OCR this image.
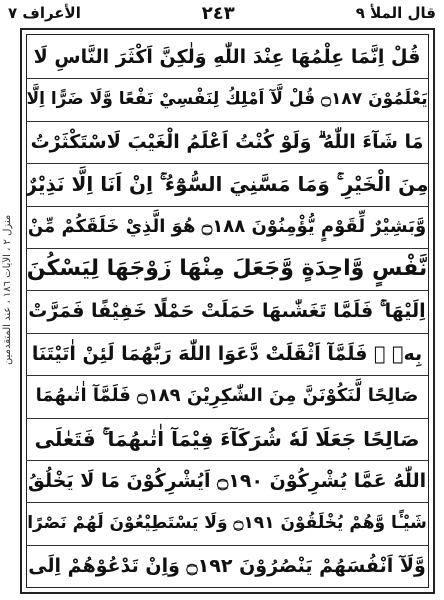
قال الملأ ٩
٢٤٣
الأعراف ٧
منزل ٢ ، الآيات ١٨٦ ، عند المتقدمين
قُلْ اِنَّمَا عِلْمُهَا عِنْدَ اللّٰهِ وَلٰكِنَّ اَكْثَرَ النَّاسِ لَا
يَعْلَمُوْنَ ۝١٨٧ قُلْ لَّآ اَمْلِكُ لِنَفْسِيْ نَفْعًا وَّلَا ضَرًّا اِلَّا
مَا شَآءَ اللّٰهُ ۗ وَلَوْ كُنْتُ اَعْلَمُ الْغَيْبَ لَاسْتَكْثَرْتُ
مِنَ الْخَيْرِ ۚ وَمَا مَسَّنِيَ السُّوْٓءُ ۚ اِنْ اَنَا اِلَّا نَذِيْرٌ
وَّبَشِيْرٌ لِّقَوْمٍ يُّؤْمِنُوْنَ ۝١٨٨ هُوَ الَّذِيْ خَلَقَكُمْ مِّنْ
نَّفْسٍ وَّاحِدَةٍ وَّجَعَلَ مِنْهَا زَوْجَهَا لِيَسْكُنَ
اِلَيْهَا ۚ فَلَمَّا تَغَشّٰىهَا حَمَلَتْ حَمْلًا خَفِيْفًا فَمَرَّتْ
بِهٖ ۚ فَلَمَّآ اَثْقَلَتْ دَّعَوَا اللّٰهَ رَبَّهُمَا لَئِنْ اٰتَيْتَنَا
صَالِحًا لَّنَكُوْنَنَّ مِنَ الشّٰكِرِيْنَ ۝١٨٩ فَلَمَّآ اٰتٰىهُمَا
صَالِحًا جَعَلَا لَهٗ شُرَكَآءَ فِيْمَآ اٰتٰىهُمَا ۚ فَتَعٰلَى
اللّٰهُ عَمَّا يُشْرِكُوْنَ ۝١٩٠ اَيُشْرِكُوْنَ مَا لَا يَخْلُقُ
شَيْـًٔا وَّهُمْ يُخْلَقُوْنَ ۝١٩١ وَلَا يَسْتَطِيْعُوْنَ لَهُمْ نَصْرًا
وَّلَآ اَنْفُسَهُمْ يَنْصُرُوْنَ ۝١٩٢ وَاِنْ تَدْعُوْهُمْ اِلَى
